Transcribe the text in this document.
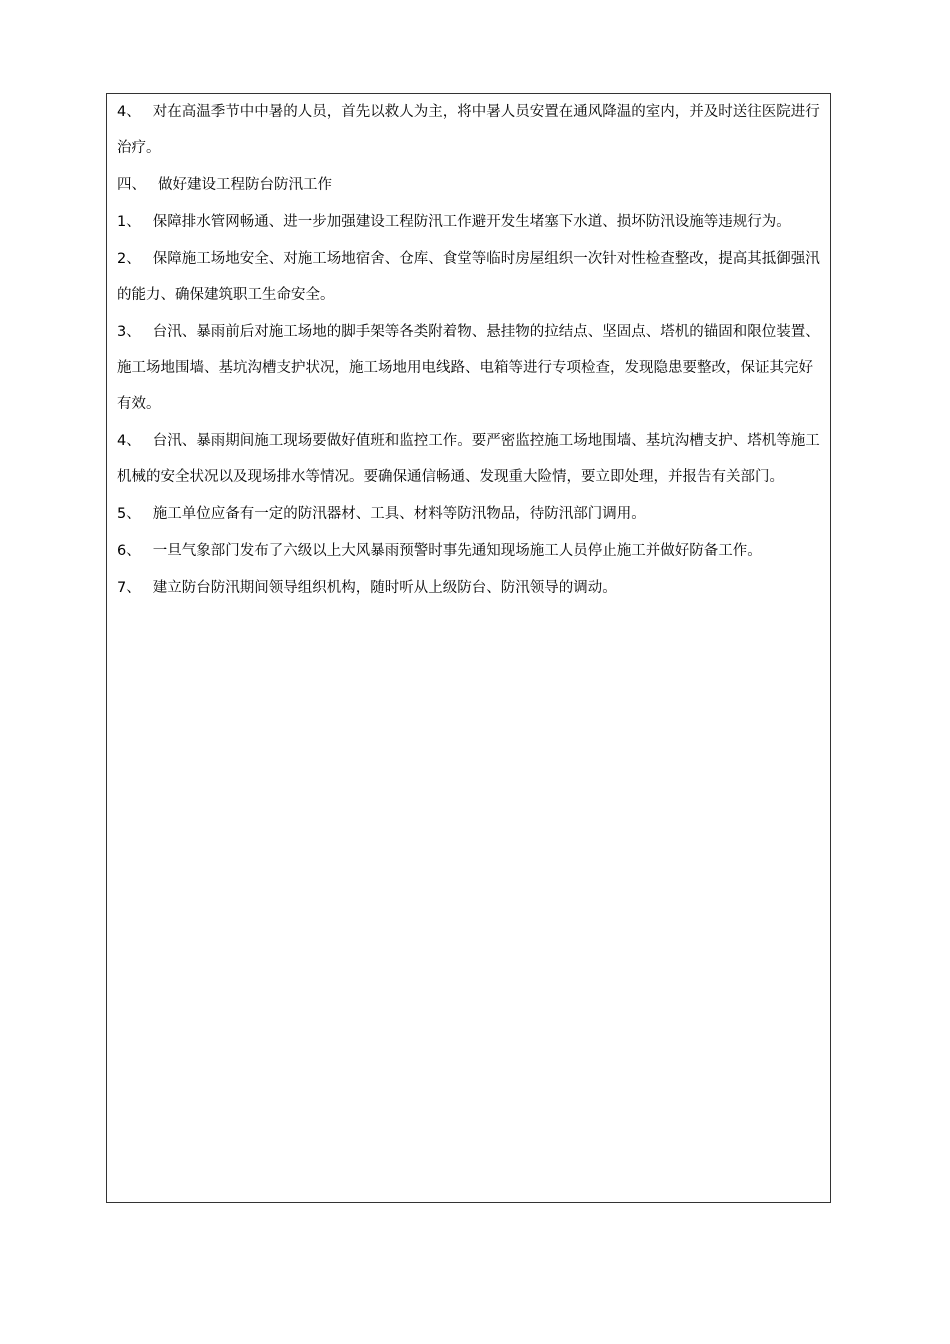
4、 对在高温季节中中暑的人员，首先以救人为主，将中暑人员安置在通风降温的室内，并及时送往医院进行治疗。

四、 做好建设工程防台防汛工作

1、 保障排水管网畅通、进一步加强建设工程防汛工作避开发生堵塞下水道、损坏防汛设施等违规行为。

2、 保障施工场地安全、对施工场地宿舍、仓库、食堂等临时房屋组织一次针对性检查整改，提高其抵御强汛的能力、确保建筑职工生命安全。

3、 台汛、暴雨前后对施工场地的脚手架等各类附着物、悬挂物的拉结点、坚固点、塔机的锚固和限位装置、施工场地围墙、基坑沟槽支护状况，施工场地用电线路、电箱等进行专项检查，发现隐患要整改，保证其完好有效。

4、 台汛、暴雨期间施工现场要做好值班和监控工作。要严密监控施工场地围墙、基坑沟槽支护、塔机等施工机械的安全状况以及现场排水等情况。要确保通信畅通、发现重大险情，要立即处理，并报告有关部门。

5、 施工单位应备有一定的防汛器材、工具、材料等防汛物品，待防汛部门调用。

6、 一旦气象部门发布了六级以上大风暴雨预警时事先通知现场施工人员停止施工并做好防备工作。

7、 建立防台防汛期间领导组织机构，随时听从上级防台、防汛领导的调动。
